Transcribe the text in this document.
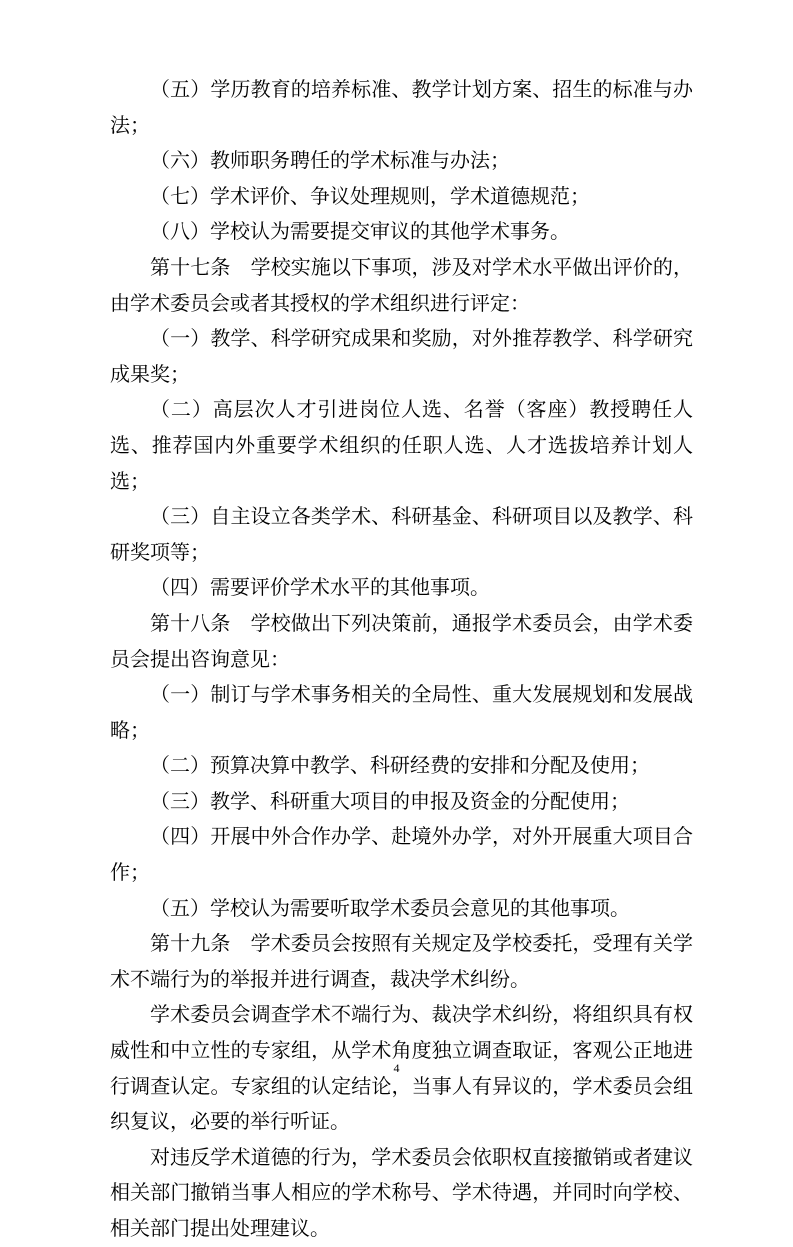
（五）学历教育的培养标准、教学计划方案、招生的标准与办法；

（六）教师职务聘任的学术标准与办法；

（七）学术评价、争议处理规则，学术道德规范；

（八）学校认为需要提交审议的其他学术事务。

第十七条　学校实施以下事项，涉及对学术水平做出评价的，由学术委员会或者其授权的学术组织进行评定：

（一）教学、科学研究成果和奖励，对外推荐教学、科学研究成果奖；

（二）高层次人才引进岗位人选、名誉（客座）教授聘任人选、推荐国内外重要学术组织的任职人选、人才选拔培养计划人选；

（三）自主设立各类学术、科研基金、科研项目以及教学、科研奖项等；

（四）需要评价学术水平的其他事项。

第十八条　学校做出下列决策前，通报学术委员会，由学术委员会提出咨询意见：

（一）制订与学术事务相关的全局性、重大发展规划和发展战略；

（二）预算决算中教学、科研经费的安排和分配及使用；

（三）教学、科研重大项目的申报及资金的分配使用；

（四）开展中外合作办学、赴境外办学，对外开展重大项目合作；

（五）学校认为需要听取学术委员会意见的其他事项。

第十九条　学术委员会按照有关规定及学校委托，受理有关学术不端行为的举报并进行调查，裁决学术纠纷。

学术委员会调查学术不端行为、裁决学术纠纷，将组织具有权威性和中立性的专家组，从学术角度独立调查取证，客观公正地进行调查认定。专家组的认定结论，当事人有异议的，学术委员会组织复议，必要的举行听证。

对违反学术道德的行为，学术委员会依职权直接撤销或者建议相关部门撤销当事人相应的学术称号、学术待遇，并同时向学校、相关部门提出处理建议。

4
